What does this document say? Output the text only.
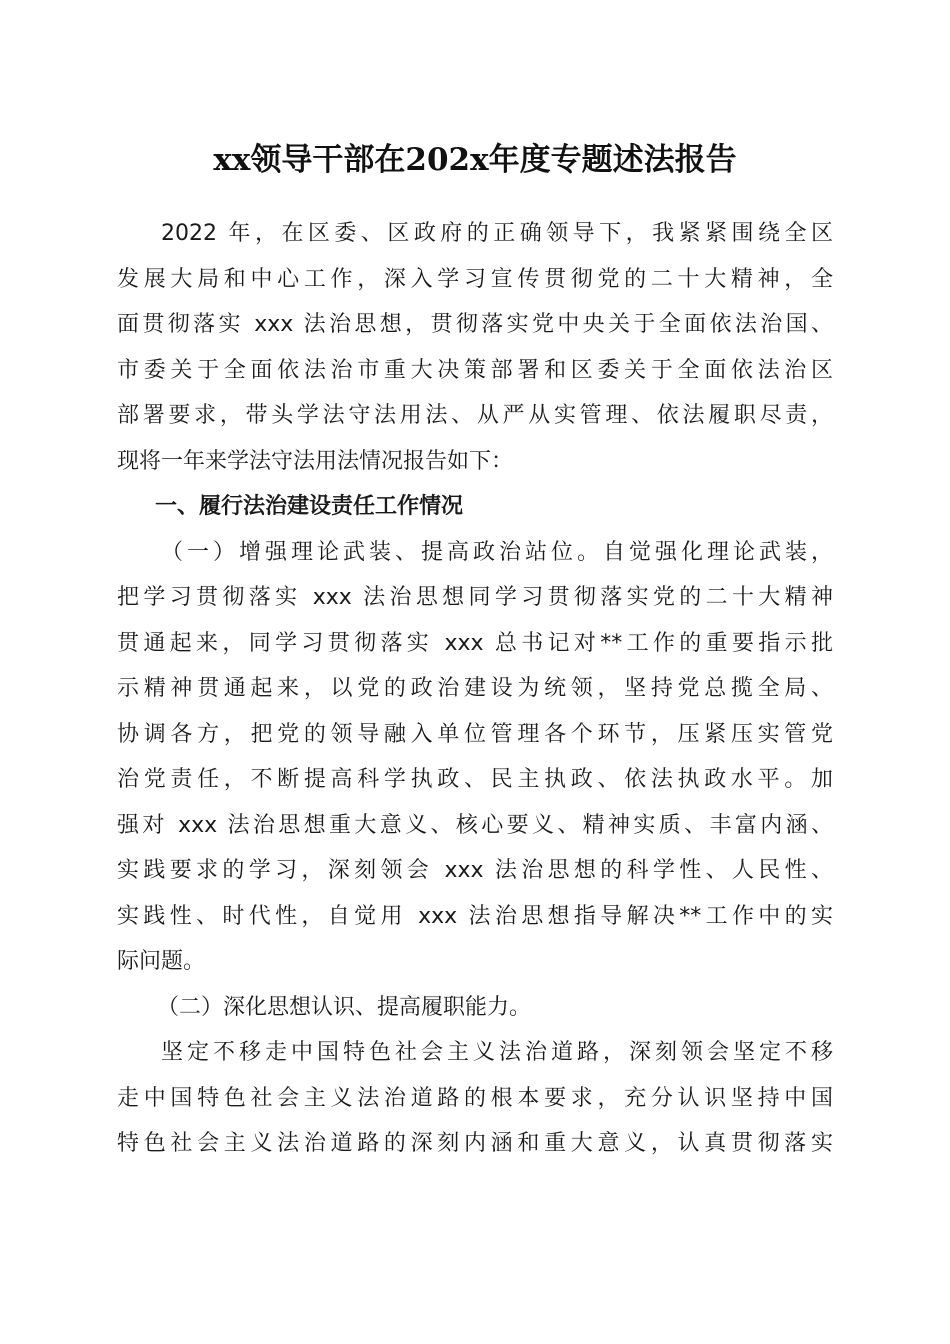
xx领导干部在202x年度专题述法报告
2022 年，在区委、区政府的正确领导下，我紧紧围绕全区
发展大局和中心工作，深入学习宣传贯彻党的二十大精神，全
面贯彻落实 xxx 法治思想，贯彻落实党中央关于全面依法治国、
市委关于全面依法治市重大决策部署和区委关于全面依法治区
部署要求，带头学法守法用法、从严从实管理、依法履职尽责，
现将一年来学法守法用法情况报告如下：
一、履行法治建设责任工作情况
（一）增强理论武装、提高政治站位。自觉强化理论武装，
把学习贯彻落实 xxx 法治思想同学习贯彻落实党的二十大精神
贯通起来，同学习贯彻落实 xxx 总书记对**工作的重要指示批
示精神贯通起来，以党的政治建设为统领，坚持党总揽全局、
协调各方，把党的领导融入单位管理各个环节，压紧压实管党
治党责任，不断提高科学执政、民主执政、依法执政水平。加
强对 xxx 法治思想重大意义、核心要义、精神实质、丰富内涵、
实践要求的学习，深刻领会 xxx 法治思想的科学性、人民性、
实践性、时代性，自觉用 xxx 法治思想指导解决**工作中的实
际问题。
（二）深化思想认识、提高履职能力。
坚定不移走中国特色社会主义法治道路，深刻领会坚定不移
走中国特色社会主义法治道路的根本要求，充分认识坚持中国
特色社会主义法治道路的深刻内涵和重大意义，认真贯彻落实
